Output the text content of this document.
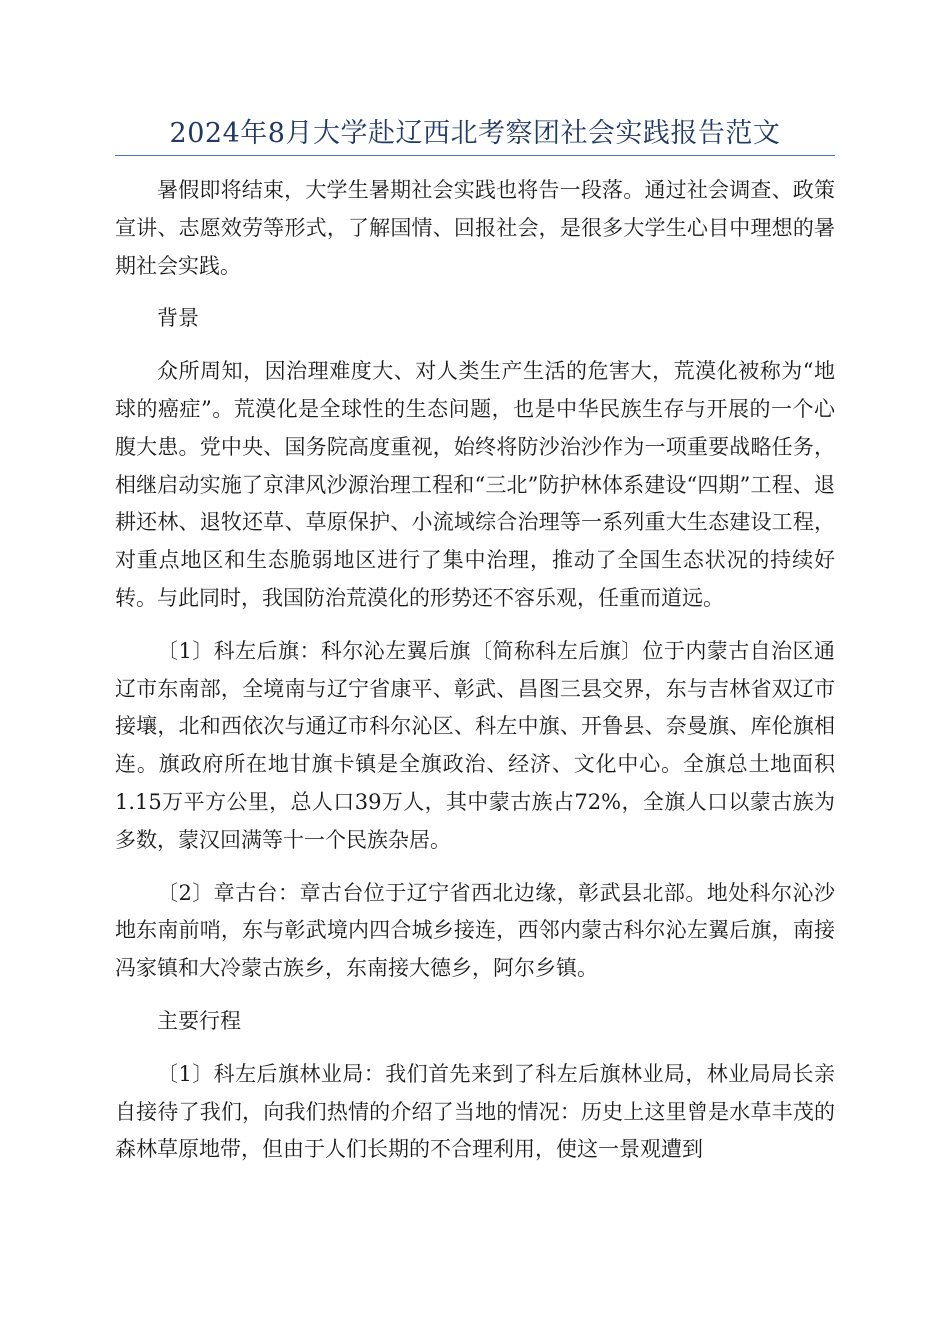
2024年8月大学赴辽西北考察团社会实践报告范文

暑假即将结束，大学生暑期社会实践也将告一段落。通过社会调查、政策宣讲、志愿效劳等形式，了解国情、回报社会，是很多大学生心目中理想的暑期社会实践。

背景

众所周知，因治理难度大、对人类生产生活的危害大，荒漠化被称为“地球的癌症”。荒漠化是全球性的生态问题，也是中华民族生存与开展的一个心腹大患。党中央、国务院高度重视，始终将防沙治沙作为一项重要战略任务，相继启动实施了京津风沙源治理工程和“三北”防护林体系建设“四期”工程、退耕还林、退牧还草、草原保护、小流域综合治理等一系列重大生态建设工程，对重点地区和生态脆弱地区进行了集中治理，推动了全国生态状况的持续好转。与此同时，我国防治荒漠化的形势还不容乐观，任重而道远。

〔1〕科左后旗：科尔沁左翼后旗〔简称科左后旗〕位于内蒙古自治区通辽市东南部，全境南与辽宁省康平、彰武、昌图三县交界，东与吉林省双辽市接壤，北和西依次与通辽市科尔沁区、科左中旗、开鲁县、奈曼旗、库伦旗相连。旗政府所在地甘旗卡镇是全旗政治、经济、文化中心。全旗总土地面积1.15万平方公里，总人口39万人，其中蒙古族占72%，全旗人口以蒙古族为多数，蒙汉回满等十一个民族杂居。

〔2〕章古台：章古台位于辽宁省西北边缘，彰武县北部。地处科尔沁沙地东南前哨，东与彰武境内四合城乡接连，西邻内蒙古科尔沁左翼后旗，南接冯家镇和大冷蒙古族乡，东南接大德乡，阿尔乡镇。

主要行程

〔1〕科左后旗林业局：我们首先来到了科左后旗林业局，林业局局长亲自接待了我们，向我们热情的介绍了当地的情况：历史上这里曾是水草丰茂的森林草原地带，但由于人们长期的不合理利用，使这一景观遭到
